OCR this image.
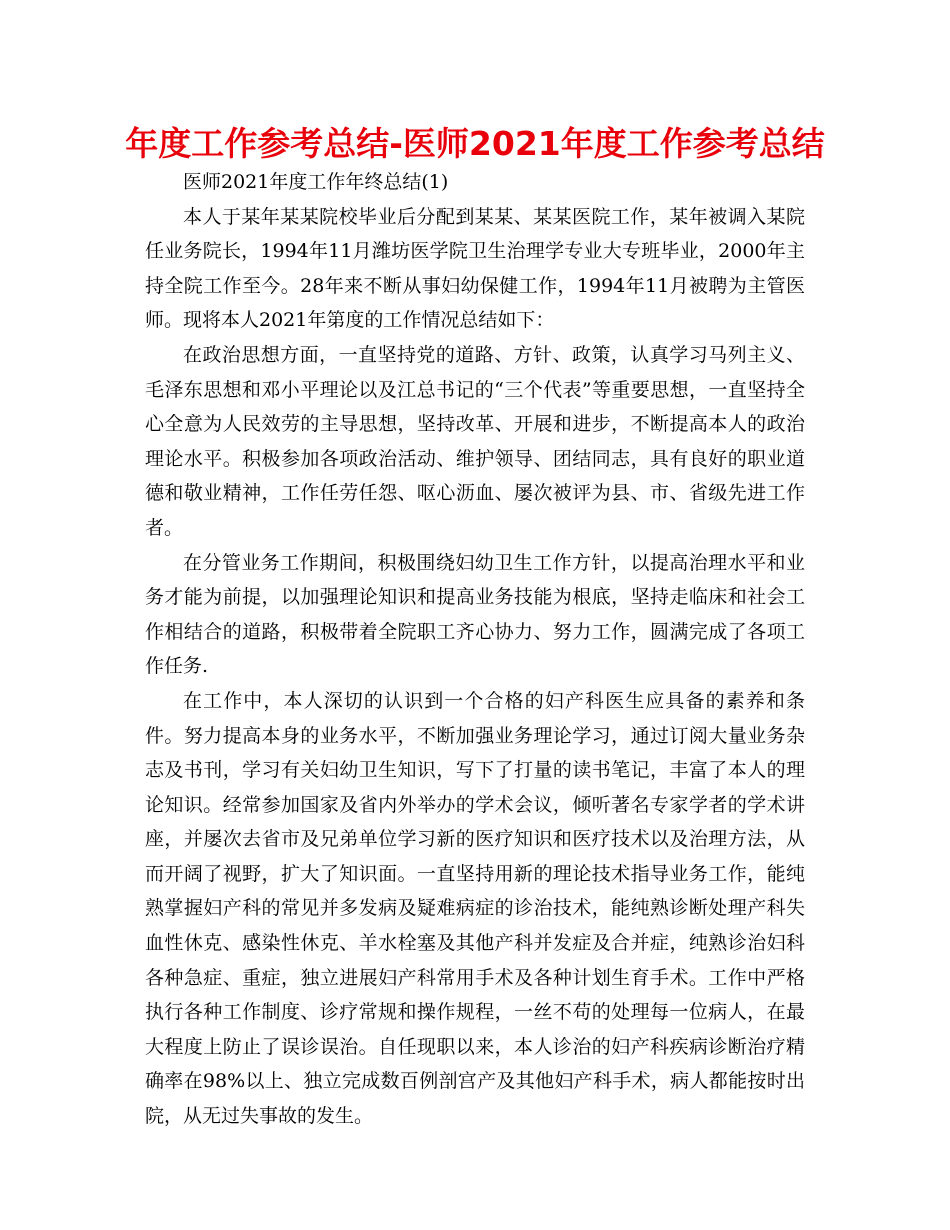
年度工作参考总结-医师2021年度工作参考总结

医师2021年度工作年终总结(1)

本人于某年某某院校毕业后分配到某某、某某医院工作，某年被调入某院任业务院长，1994年11月潍坊医学院卫生治理学专业大专班毕业，2000年主持全院工作至今。28年来不断从事妇幼保健工作，1994年11月被聘为主管医师。现将本人2021年第度的工作情况总结如下：

在政治思想方面，一直坚持党的道路、方针、政策，认真学习马列主义、毛泽东思想和邓小平理论以及江总书记的“三个代表”等重要思想，一直坚持全心全意为人民效劳的主导思想，坚持改革、开展和进步，不断提高本人的政治理论水平。积极参加各项政治活动、维护领导、团结同志，具有良好的职业道德和敬业精神，工作任劳任怨、呕心沥血、屡次被评为县、市、省级先进工作者。

在分管业务工作期间，积极围绕妇幼卫生工作方针，以提高治理水平和业务才能为前提，以加强理论知识和提高业务技能为根底，坚持走临床和社会工作相结合的道路，积极带着全院职工齐心协力、努力工作，圆满完成了各项工作任务.

在工作中，本人深切的认识到一个合格的妇产科医生应具备的素养和条件。努力提高本身的业务水平，不断加强业务理论学习，通过订阅大量业务杂志及书刊，学习有关妇幼卫生知识，写下了打量的读书笔记，丰富了本人的理论知识。经常参加国家及省内外举办的学术会议，倾听著名专家学者的学术讲座，并屡次去省市及兄弟单位学习新的医疗知识和医疗技术以及治理方法，从而开阔了视野，扩大了知识面。一直坚持用新的理论技术指导业务工作，能纯熟掌握妇产科的常见并多发病及疑难病症的诊治技术，能纯熟诊断处理产科失血性休克、感染性休克、羊水栓塞及其他产科并发症及合并症，纯熟诊治妇科各种急症、重症，独立进展妇产科常用手术及各种计划生育手术。工作中严格执行各种工作制度、诊疗常规和操作规程，一丝不苟的处理每一位病人，在最大程度上防止了误诊误治。自任现职以来，本人诊治的妇产科疾病诊断治疗精确率在98%以上、独立完成数百例剖宫产及其他妇产科手术，病人都能按时出院，从无过失事故的发生。
